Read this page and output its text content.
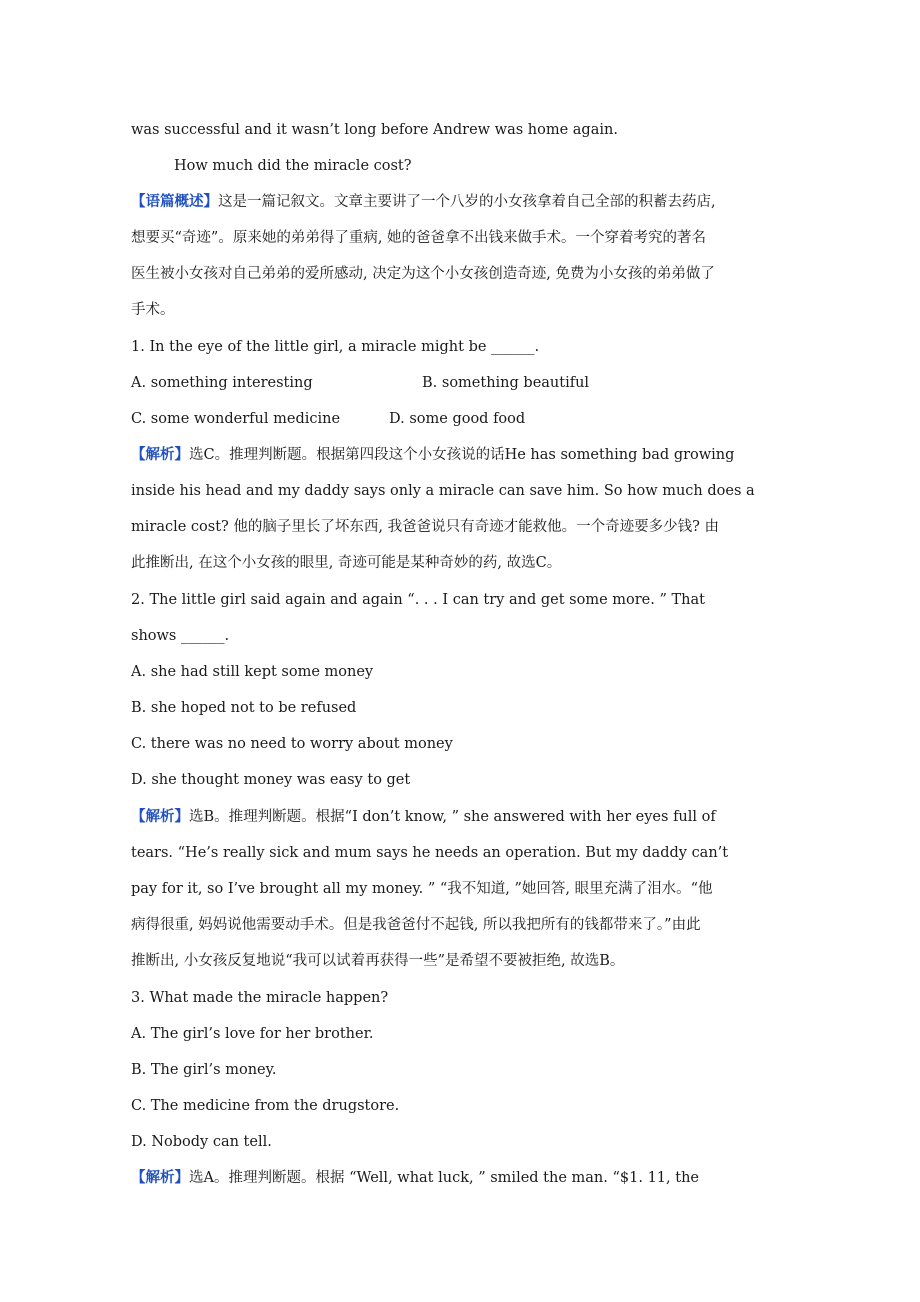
was successful and it wasn’t long before Andrew was home again.
How much did the miracle cost?
【语篇概述】这是一篇记叙文。文章主要讲了一个八岁的小女孩拿着自己全部的积蓄去药店,
想要买“奇迹”。原来她的弟弟得了重病, 她的爸爸拿不出钱来做手术。一个穿着考究的著名
医生被小女孩对自己弟弟的爱所感动, 决定为这个小女孩创造奇迹, 免费为小女孩的弟弟做了
手术。
1. In the eye of the little girl, a miracle might be ______.
A. something interesting	B. something beautiful
C. some wonderful medicine	D. some good food
【解析】选C。推理判断题。根据第四段这个小女孩说的话He has something bad growing
inside his head and my daddy says only a miracle can save him. So how much does a
miracle cost? 他的脑子里长了坏东西, 我爸爸说只有奇迹才能救他。一个奇迹要多少钱? 由
此推断出, 在这个小女孩的眼里, 奇迹可能是某种奇妙的药, 故选C。
2. The little girl said again and again “. . . I can try and get some more. ” That
shows ______.
A. she had still kept some money
B. she hoped not to be refused
C. there was no need to worry about money
D. she thought money was easy to get
【解析】选B。推理判断题。根据“I don’t know, ” she answered with her eyes full of
tears. “He’s really sick and mum says he needs an operation. But my daddy can’t
pay for it, so I’ve brought all my money. ” “我不知道, ”她回答, 眼里充满了泪水。“他
病得很重, 妈妈说他需要动手术。但是我爸爸付不起钱, 所以我把所有的钱都带来了。”由此
推断出, 小女孩反复地说“我可以试着再获得一些”是希望不要被拒绝, 故选B。
3. What made the miracle happen?
A. The girl’s love for her brother.
B. The girl’s money.
C. The medicine from the drugstore.
D. Nobody can tell.
【解析】选A。推理判断题。根据 “Well, what luck, ” smiled the man. “$1. 11, the
